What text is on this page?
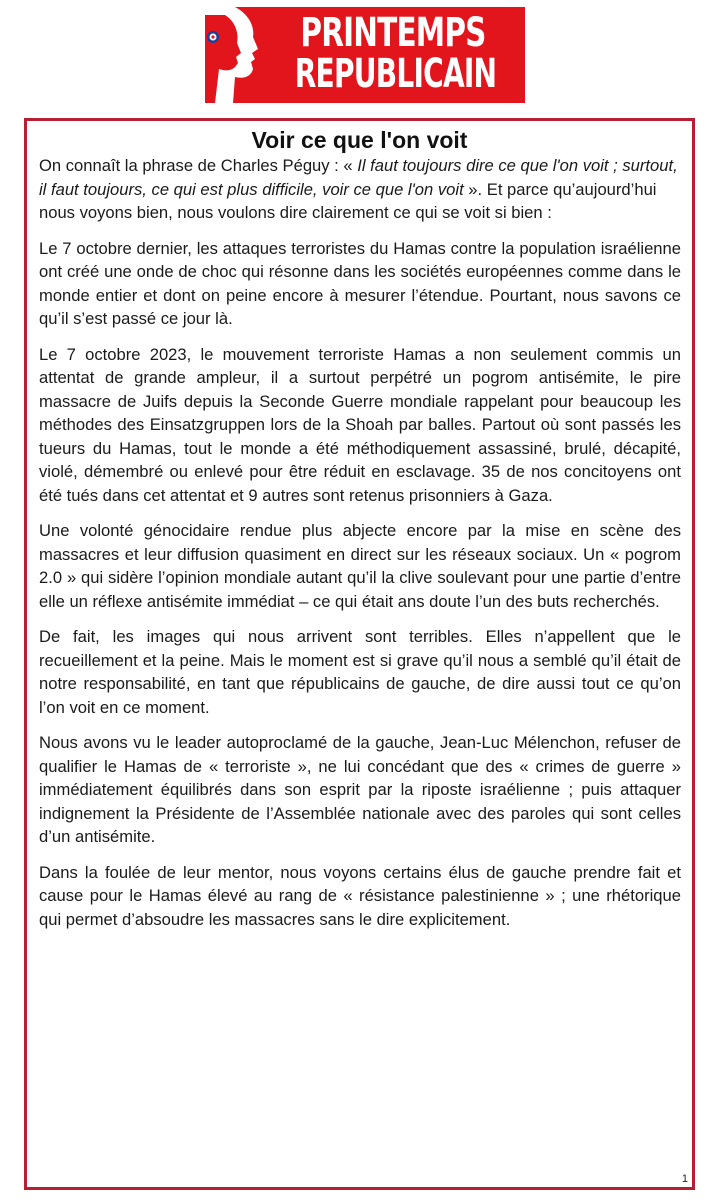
PRINTEMPS
REPUBLICAIN
Voir ce que l'on voit

On connaît la phrase de Charles Péguy : « Il faut toujours dire ce que l'on voit ; surtout, il faut toujours, ce qui est plus difficile, voir ce que l'on voit ». Et parce qu’aujourd’hui nous voyons bien, nous voulons dire clairement ce qui se voit si bien :

Le 7 octobre dernier, les attaques terroristes du Hamas contre la population israélienne ont créé une onde de choc qui résonne dans les sociétés européennes comme dans le monde entier et dont on peine encore à mesurer l’étendue. Pourtant, nous savons ce qu’il s’est passé ce jour là.

Le 7 octobre 2023, le mouvement terroriste Hamas a non seulement commis un attentat de grande ampleur, il a surtout perpétré un pogrom antisémite, le pire massacre de Juifs depuis la Seconde Guerre mondiale rappelant pour beaucoup les méthodes des Einsatzgruppen lors de la Shoah par balles. Partout où sont passés les tueurs du Hamas, tout le monde a été méthodiquement assassiné, brulé, décapité, violé, démembré ou enlevé pour être réduit en esclavage. 35 de nos concitoyens ont été tués dans cet attentat et 9 autres sont retenus prisonniers à Gaza.

Une volonté génocidaire rendue plus abjecte encore par la mise en scène des massacres et leur diffusion quasiment en direct sur les réseaux sociaux. Un « pogrom 2.0 » qui sidère l’opinion mondiale autant qu’il la clive soulevant pour une partie d’entre elle un réflexe antisémite immédiat – ce qui était ans doute l’un des buts recherchés.

De fait, les images qui nous arrivent sont terribles. Elles n’appellent que le recueillement et la peine. Mais le moment est si grave qu’il nous a semblé qu’il était de notre responsabilité, en tant que républicains de gauche, de dire aussi tout ce qu’on l’on voit en ce moment.

Nous avons vu le leader autoproclamé de la gauche, Jean-Luc Mélenchon, refuser de qualifier le Hamas de « terroriste », ne lui concédant que des « crimes de guerre » immédiatement équilibrés dans son esprit par la riposte israélienne ; puis attaquer indignement la Présidente de l’Assemblée nationale avec des paroles qui sont celles d’un antisémite.

Dans la foulée de leur mentor, nous voyons certains élus de gauche prendre fait et cause pour le Hamas élevé au rang de « résistance palestinienne » ; une rhétorique qui permet d’absoudre les massacres sans le dire explicitement.

1
